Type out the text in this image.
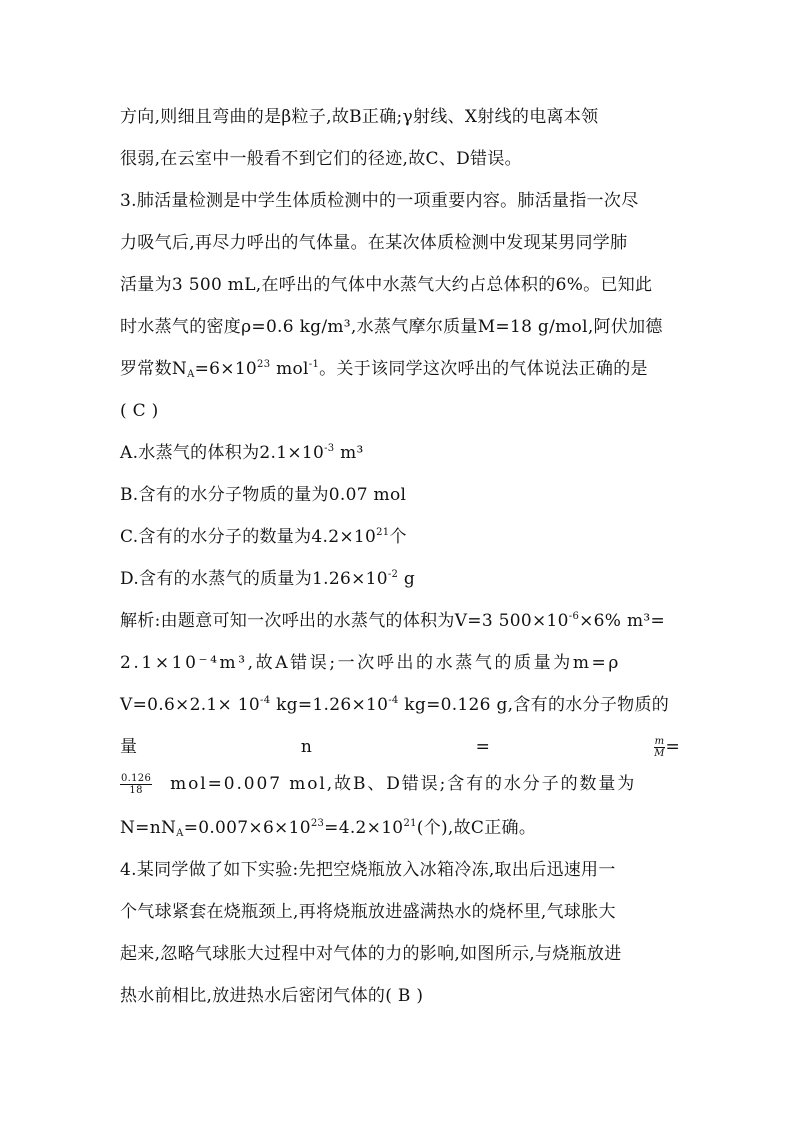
方向,则细且弯曲的是β粒子,故B正确;γ射线、X射线的电离本领
很弱,在云室中一般看不到它们的径迹,故C、D错误。
3.肺活量检测是中学生体质检测中的一项重要内容。肺活量指一次尽
力吸气后,再尽力呼出的气体量。在某次体质检测中发现某男同学肺
活量为3 500 mL,在呼出的气体中水蒸气大约占总体积的6%。已知此
时水蒸气的密度ρ=0.6 kg/m³,水蒸气摩尔质量M=18 g/mol,阿伏加德
罗常数$N_A=6\times 10^{23}$ mol$^{-1}$。关于该同学这次呼出的气体说法正确的是
( C )
A.水蒸气的体积为$2.1\times 10^{-3}$ m³
B.含有的水分子物质的量为0.07 mol
C.含有的水分子的数量为$4.2\times 10^{21}$个
D.含有的水蒸气的质量为$1.26\times 10^{-2}$ g
解析:由题意可知一次呼出的水蒸气的体积为V=3 $500\times 10^{-6}\times 6\%$ m³=
2.1×10⁻⁴m³,故A错误;一次呼出的水蒸气的质量为m=ρ
$V=0.6\times 2.1\times 10^{-4}$ $kg=1.26\times 10^{-4}$ kg=0.126 g,含有的水分子物质的
量	n	=	$\frac{m}{M}$ =
$\frac{0.126}{18} mol=0.007$ mol,故B、D错误;含有的水分子的数量为
$N=nN_A=0.007\times 6\times 10^{23}=4.2\times 10^{21}$(个),故C正确。
4.某同学做了如下实验:先把空烧瓶放入冰箱冷冻,取出后迅速用一
个气球紧套在烧瓶颈上,再将烧瓶放进盛满热水的烧杯里,气球胀大
起来,忽略气球胀大过程中对气体的力的影响,如图所示,与烧瓶放进
热水前相比,放进热水后密闭气体的( B )
